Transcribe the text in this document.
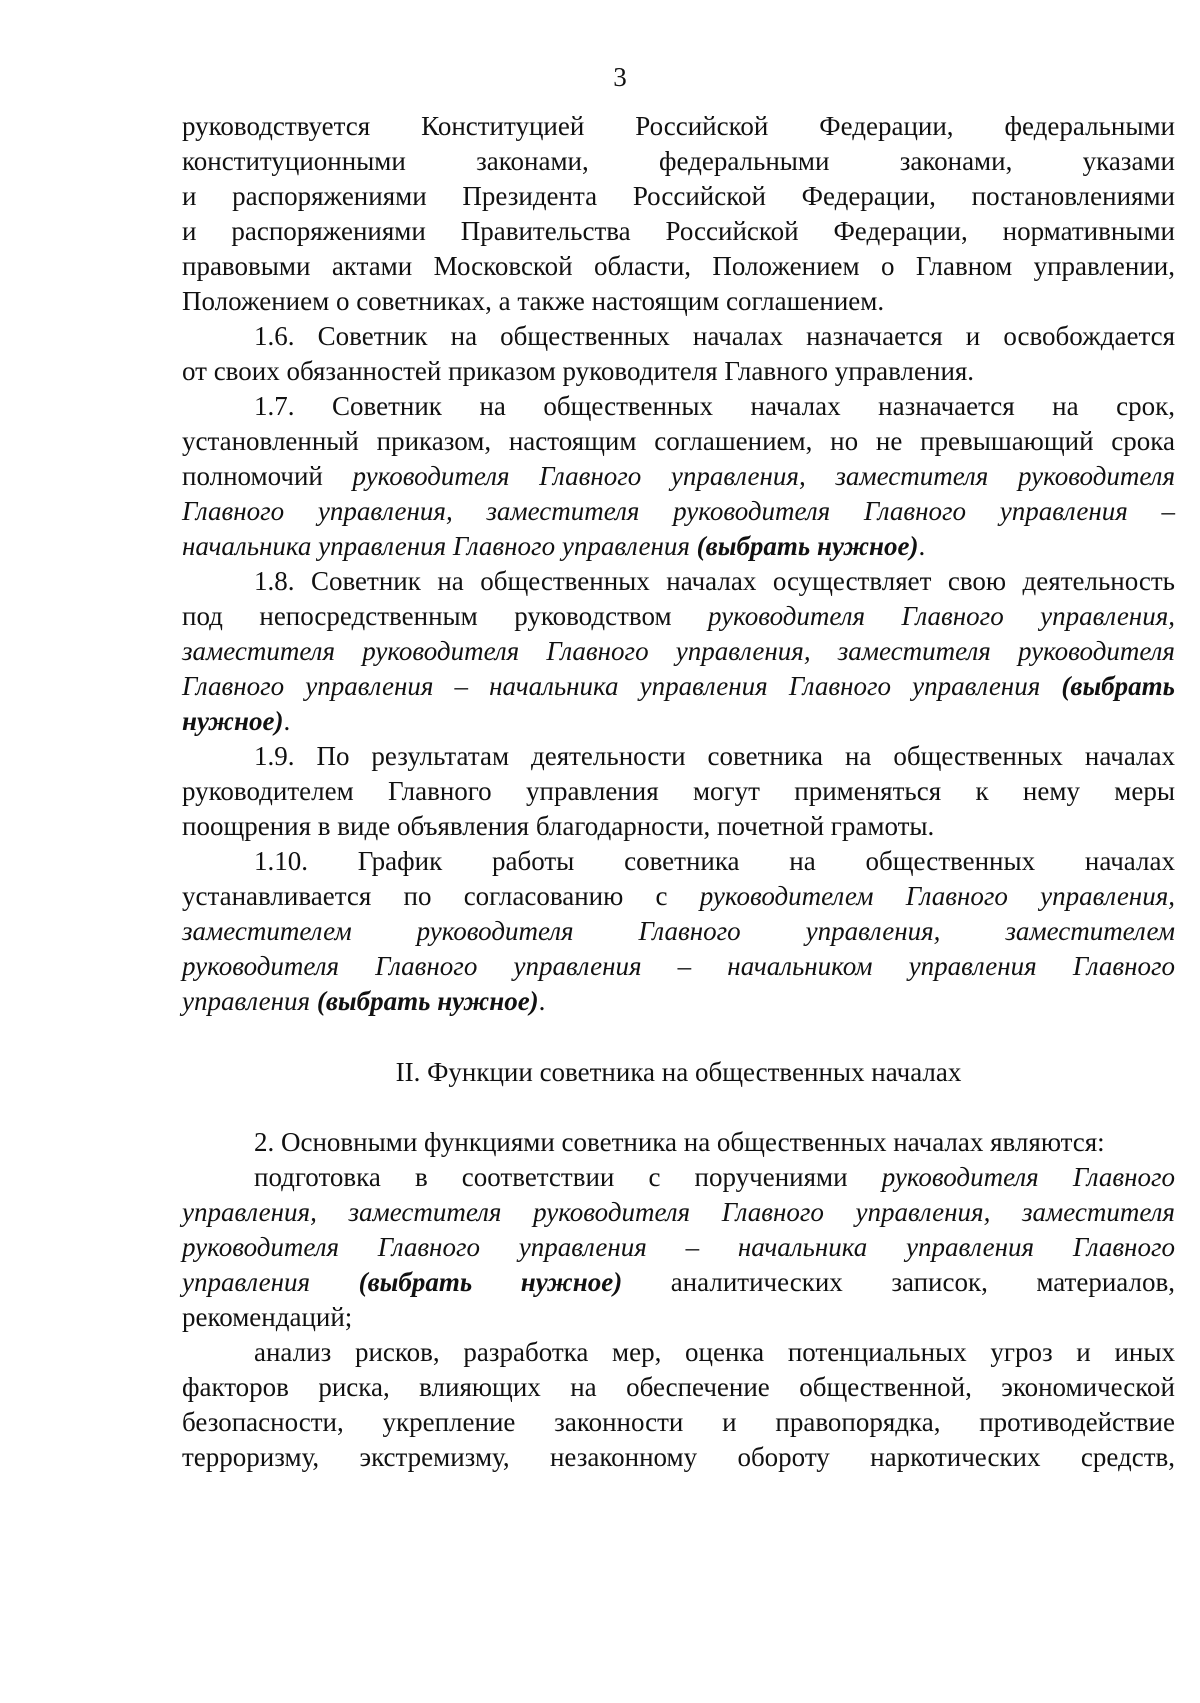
3
руководствуется Конституцией Российской Федерации, федеральными
конституционными законами, федеральными законами, указами
и распоряжениями Президента Российской Федерации, постановлениями
и распоряжениями Правительства Российской Федерации, нормативными
правовыми актами Московской области, Положением о Главном управлении,
Положением о советниках, а также настоящим соглашением.
1.6. Советник на общественных началах назначается и освобождается
от своих обязанностей приказом руководителя Главного управления.
1.7. Советник на общественных началах назначается на срок,
установленный приказом, настоящим соглашением, но не превышающий срока
полномочий руководителя Главного управления, заместителя руководителя
Главного управления, заместителя руководителя Главного управления –
начальника управления Главного управления (выбрать нужное).
1.8. Советник на общественных началах осуществляет свою деятельность
под непосредственным руководством руководителя Главного управления,
заместителя руководителя Главного управления, заместителя руководителя
Главного управления – начальника управления Главного управления (выбрать
нужное).
1.9. По результатам деятельности советника на общественных началах
руководителем Главного управления могут применяться к нему меры
поощрения в виде объявления благодарности, почетной грамоты.
1.10. График работы советника на общественных началах
устанавливается по согласованию с руководителем Главного управления,
заместителем руководителя Главного управления, заместителем
руководителя Главного управления – начальником управления Главного
управления (выбрать нужное).
II. Функции советника на общественных началах
2. Основными функциями советника на общественных началах являются:
подготовка в соответствии с поручениями руководителя Главного
управления, заместителя руководителя Главного управления, заместителя
руководителя Главного управления – начальника управления Главного
управления (выбрать нужное) аналитических записок, материалов,
рекомендаций;
анализ рисков, разработка мер, оценка потенциальных угроз и иных
факторов риска, влияющих на обеспечение общественной, экономической
безопасности, укрепление законности и правопорядка, противодействие
терроризму, экстремизму, незаконному обороту наркотических средств,
